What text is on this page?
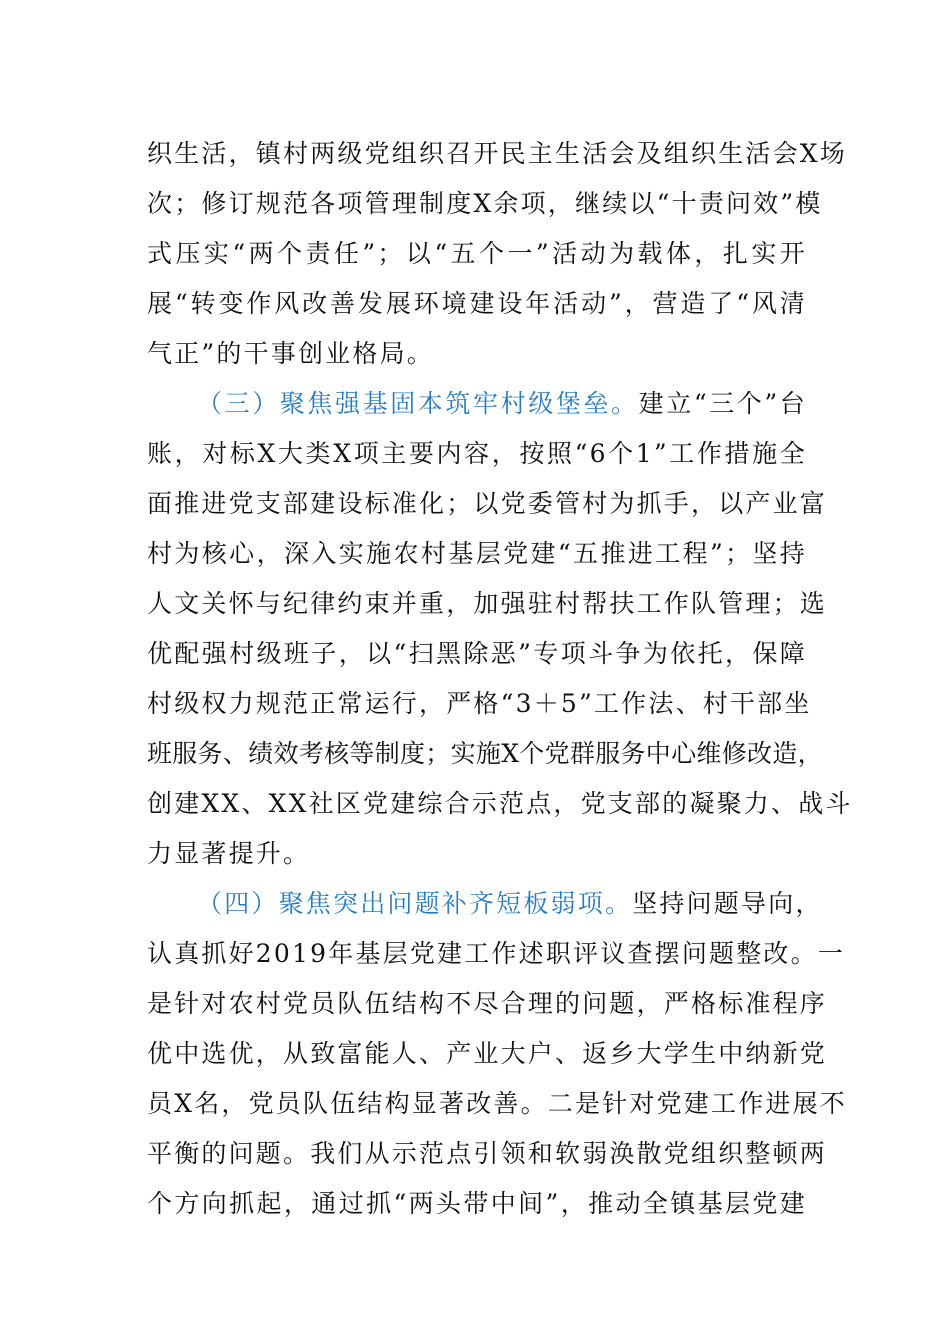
织生活，镇村两级党组织召开民主生活会及组织生活会X场
次；修订规范各项管理制度X余项，继续以“十责问效”模
式压实“两个责任”；以“五个一”活动为载体，扎实开
展“转变作风改善发展环境建设年活动”，营造了“风清
气正”的干事创业格局。
（三）聚焦强基固本筑牢村级堡垒。建立“三个”台
账，对标X大类X项主要内容，按照“6个1”工作措施全
面推进党支部建设标准化；以党委管村为抓手，以产业富
村为核心，深入实施农村基层党建“五推进工程”；坚持
人文关怀与纪律约束并重，加强驻村帮扶工作队管理；选
优配强村级班子，以“扫黑除恶”专项斗争为依托，保障
村级权力规范正常运行，严格“3＋5”工作法、村干部坐
班服务、绩效考核等制度；实施X个党群服务中心维修改造，
创建XX、XX社区党建综合示范点，党支部的凝聚力、战斗
力显著提升。
（四）聚焦突出问题补齐短板弱项。坚持问题导向，
认真抓好2019年基层党建工作述职评议查摆问题整改。一
是针对农村党员队伍结构不尽合理的问题，严格标准程序
优中选优，从致富能人、产业大户、返乡大学生中纳新党
员X名，党员队伍结构显著改善。二是针对党建工作进展不
平衡的问题。我们从示范点引领和软弱涣散党组织整顿两
个方向抓起，通过抓“两头带中间”，推动全镇基层党建
